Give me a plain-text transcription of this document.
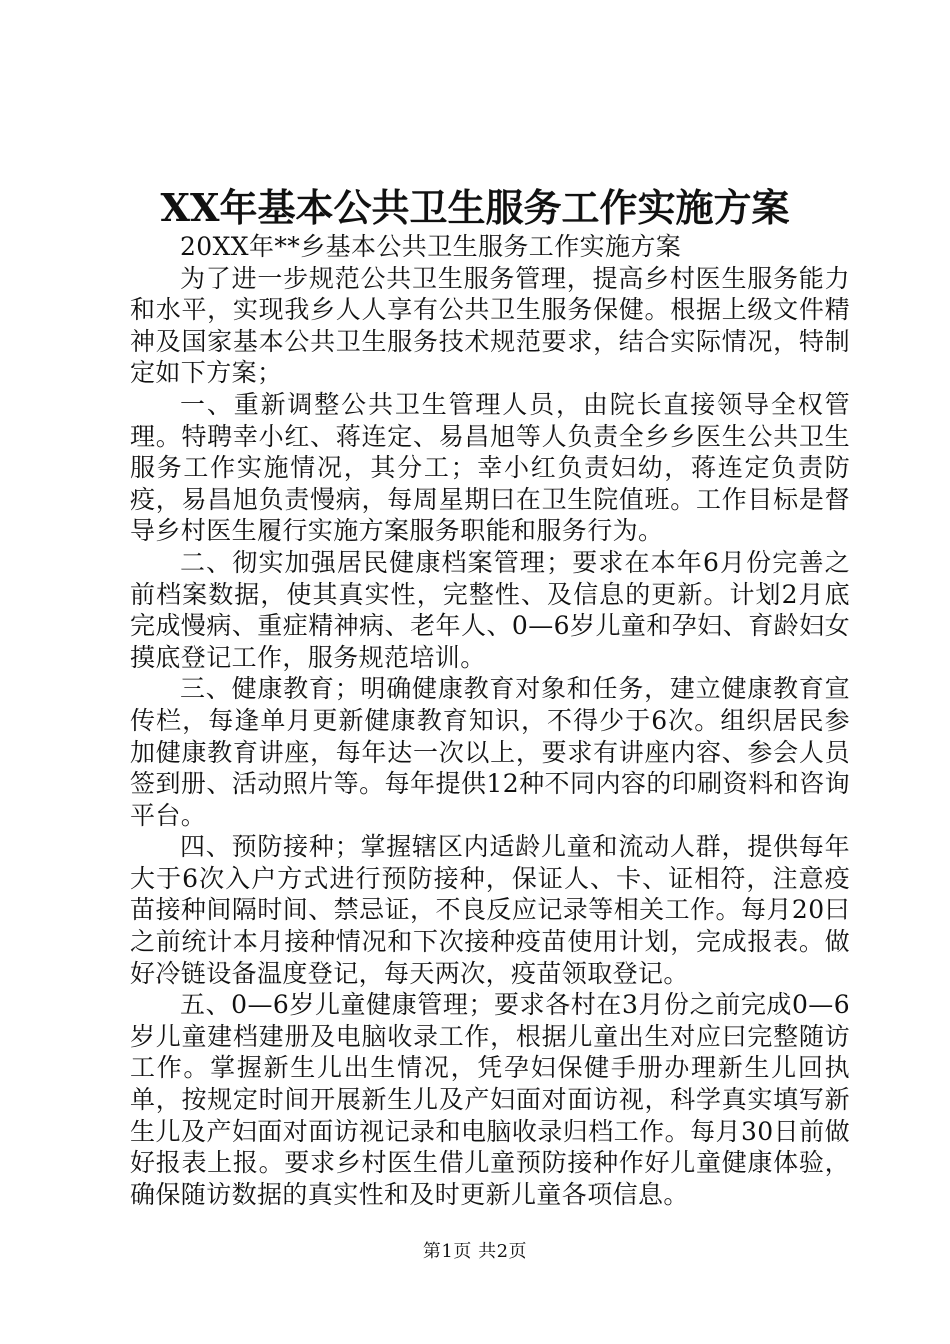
XX年基本公共卫生服务工作实施方案

20XX年**乡基本公共卫生服务工作实施方案

为了进一步规范公共卫生服务管理，提高乡村医生服务能力和水平，实现我乡人人享有公共卫生服务保健。根据上级文件精神及国家基本公共卫生服务技术规范要求，结合实际情况，特制定如下方案；

一、重新调整公共卫生管理人员，由院长直接领导全权管理。特聘幸小红、蒋连定、易昌旭等人负责全乡乡医生公共卫生服务工作实施情况，其分工；幸小红负责妇幼，蒋连定负责防疫，易昌旭负责慢病，每周星期曰在卫生院值班。工作目标是督导乡村医生履行实施方案服务职能和服务行为。

二、彻实加强居民健康档案管理；要求在本年6月份完善之前档案数据，使其真实性，完整性、及信息的更新。计划2月底完成慢病、重症精神病、老年人、0—6岁儿童和孕妇、育龄妇女摸底登记工作，服务规范培训。

三、健康教育；明确健康教育对象和任务，建立健康教育宣传栏，每逢单月更新健康教育知识，不得少于6次。组织居民参加健康教育讲座，每年达一次以上，要求有讲座内容、参会人员签到册、活动照片等。每年提供12种不同内容的印刷资料和咨询平台。

四、预防接种；掌握辖区内适龄儿童和流动人群，提供每年大于6次入户方式进行预防接种，保证人、卡、证相符，注意疫苗接种间隔时间、禁忌证，不良反应记录等相关工作。每月20曰之前统计本月接种情况和下次接种疫苗使用计划，完成报表。做好冷链设备温度登记，每天两次，疫苗领取登记。

五、0—6岁儿童健康管理；要求各村在3月份之前完成0—6岁儿童建档建册及电脑收录工作，根据儿童出生对应曰完整随访工作。掌握新生儿出生情况，凭孕妇保健手册办理新生儿回执单，按规定时间开展新生儿及产妇面对面访视，科学真实填写新生儿及产妇面对面访视记录和电脑收录归档工作。每月30日前做好报表上报。要求乡村医生借儿童预防接种作好儿童健康体验，确保随访数据的真实性和及时更新儿童各项信息。

第1页 共2页
